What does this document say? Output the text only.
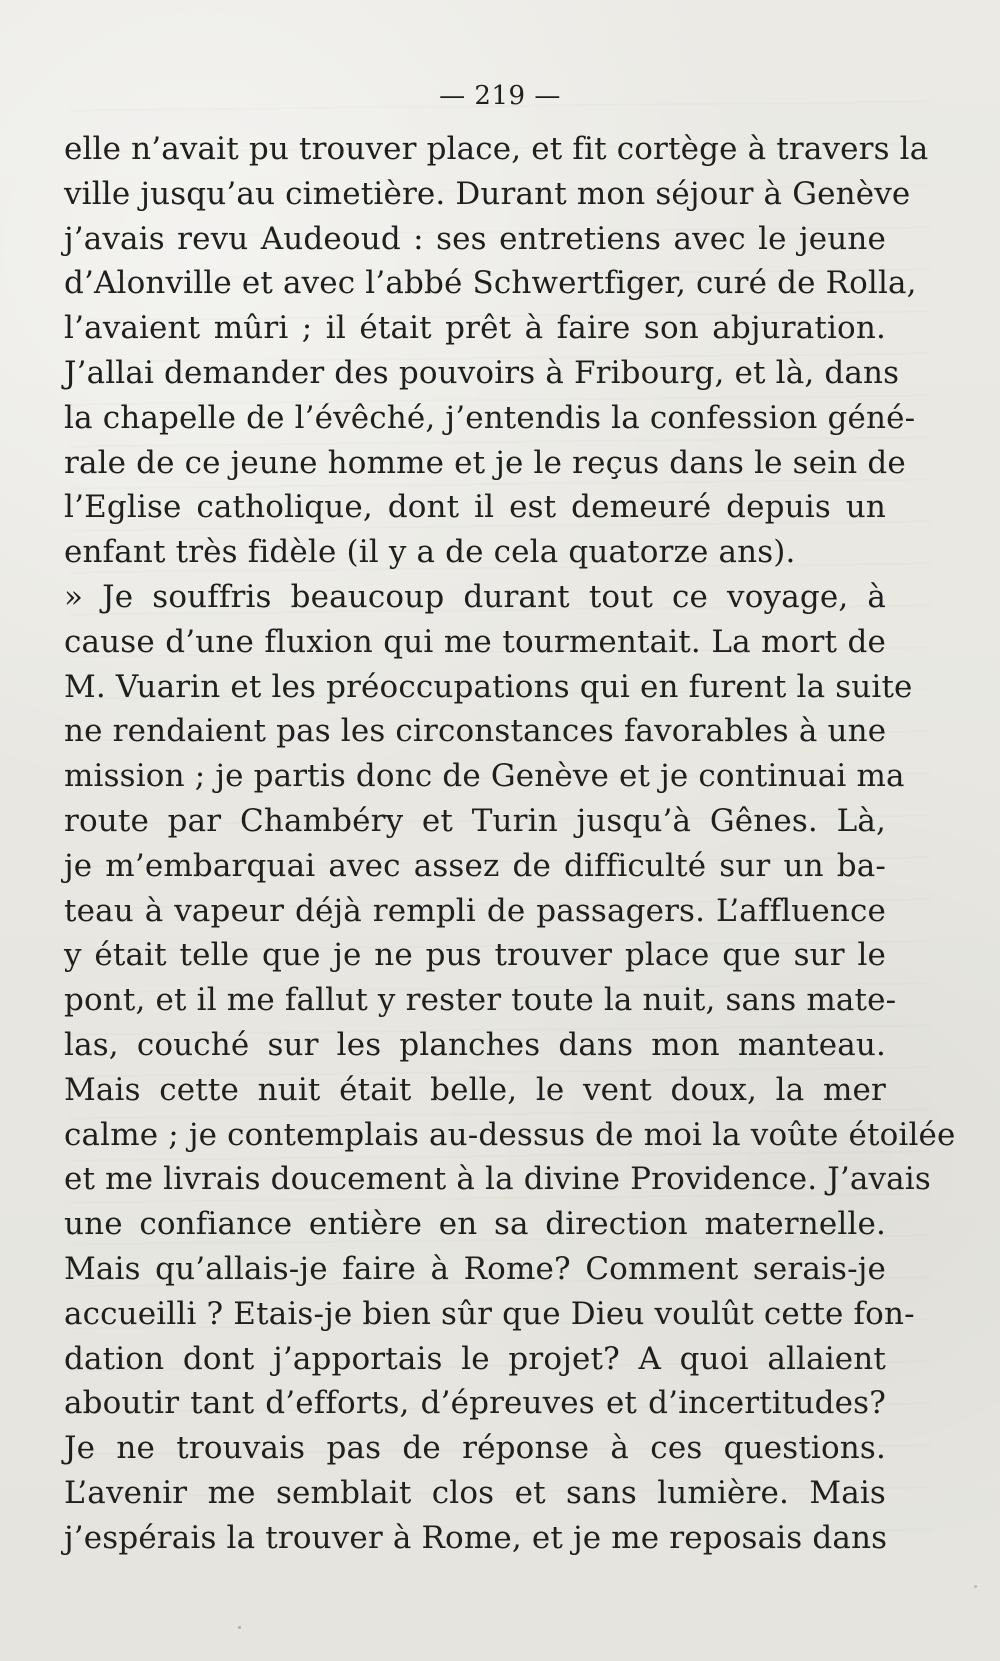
— 219 —
elle n’avait pu trouver place, et fit cortège à travers la
ville jusqu’au cimetière. Durant mon séjour à Genève
j’avais revu Audeoud : ses entretiens avec le jeune
d’Alonville et avec l’abbé Schwertfiger, curé de Rolla,
l’avaient mûri ; il était prêt à faire son abjuration.
J’allai demander des pouvoirs à Fribourg, et là, dans
la chapelle de l’évêché, j’entendis la confession géné-
rale de ce jeune homme et je le reçus dans le sein de
l’Eglise catholique, dont il est demeuré depuis un
enfant très fidèle (il y a de cela quatorze ans).
» Je souffris beaucoup durant tout ce voyage, à
cause d’une fluxion qui me tourmentait. La mort de
M. Vuarin et les préoccupations qui en furent la suite
ne rendaient pas les circonstances favorables à une
mission ; je partis donc de Genève et je continuai ma
route par Chambéry et Turin jusqu’à Gênes. Là,
je m’embarquai avec assez de difficulté sur un ba-
teau à vapeur déjà rempli de passagers. L’affluence
y était telle que je ne pus trouver place que sur le
pont, et il me fallut y rester toute la nuit, sans mate-
las, couché sur les planches dans mon manteau.
Mais cette nuit était belle, le vent doux, la mer
calme ; je contemplais au-dessus de moi la voûte étoilée
et me livrais doucement à la divine Providence. J’avais
une confiance entière en sa direction maternelle.
Mais qu’allais-je faire à Rome? Comment serais-je
accueilli ? Etais-je bien sûr que Dieu voulût cette fon-
dation dont j’apportais le projet? A quoi allaient
aboutir tant d’efforts, d’épreuves et d’incertitudes?
Je ne trouvais pas de réponse à ces questions.
L’avenir me semblait clos et sans lumière. Mais
j’espérais la trouver à Rome, et je me reposais dans
